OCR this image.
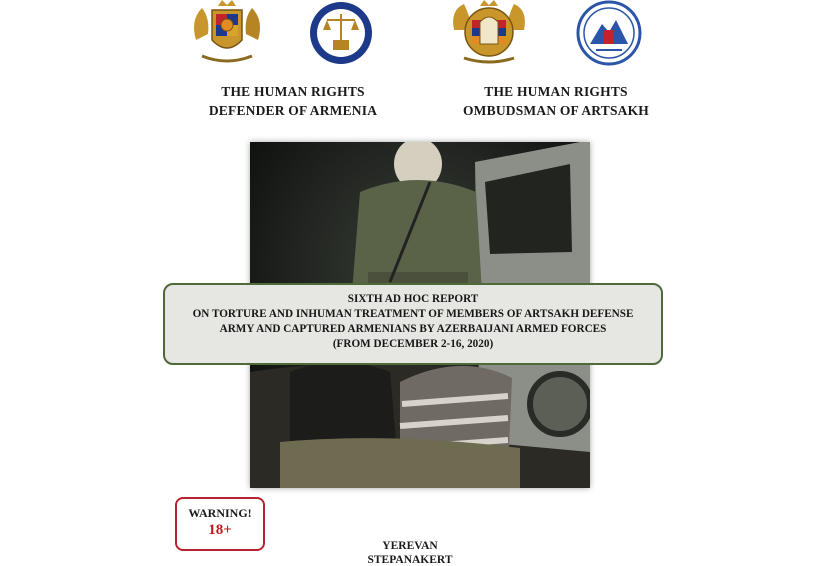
THE HUMAN RIGHTS
DEFENDER OF ARMENIA
THE HUMAN RIGHTS
OMBUDSMAN OF ARTSAKH
SIXTH AD HOC REPORT
ON TORTURE AND INHUMAN TREATMENT OF MEMBERS OF ARTSAKH DEFENSE
ARMY AND CAPTURED ARMENIANS BY AZERBAIJANI ARMED FORCES
(FROM DECEMBER 2-16, 2020)
WARNING!
18+
YEREVAN
STEPANAKERT
